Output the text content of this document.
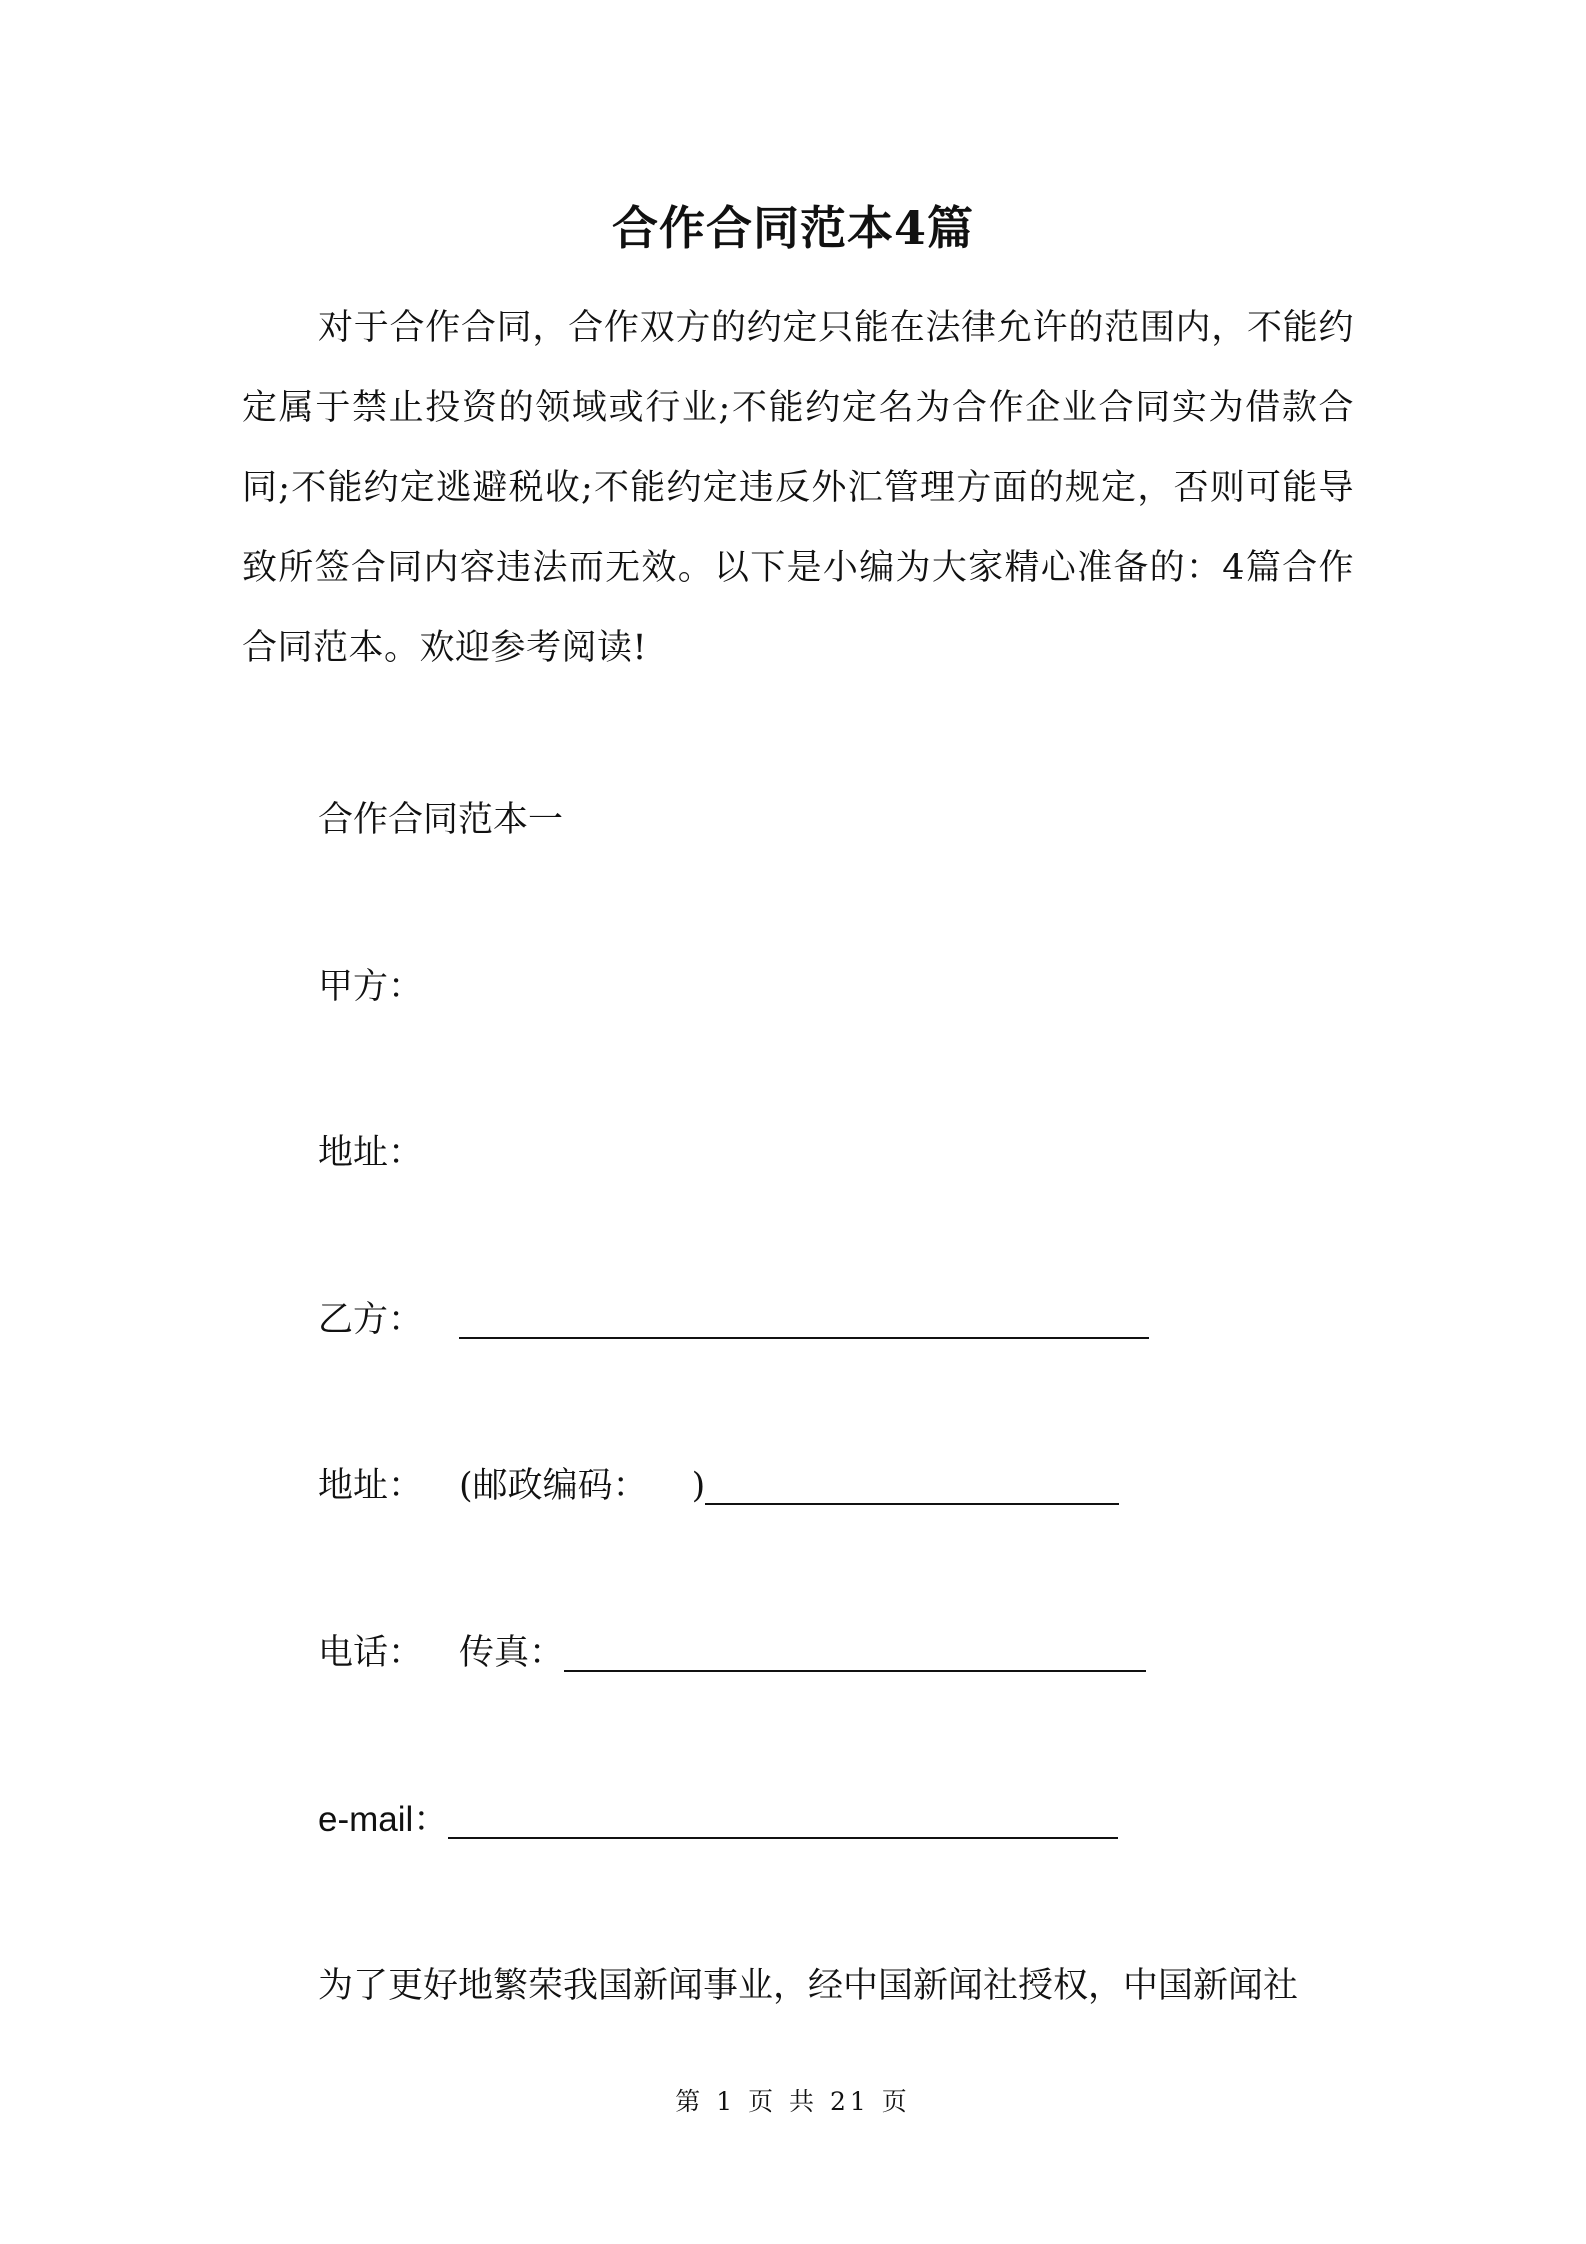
合作合同范本4篇
对于合作合同，合作双方的约定只能在法律允许的范围内，不能约定属于禁止投资的领域或行业;不能约定名为合作企业合同实为借款合同;不能约定逃避税收;不能约定违反外汇管理方面的规定，否则可能导致所签合同内容违法而无效。以下是小编为大家精心准备的：4篇合作合同范本。欢迎参考阅读!
合作合同范本一
甲方：
地址：
乙方：
地址： (邮政编码： )
电话： 传真：
e-mail：
为了更好地繁荣我国新闻事业，经中国新闻社授权，中国新闻社
第 1 页 共 21 页
